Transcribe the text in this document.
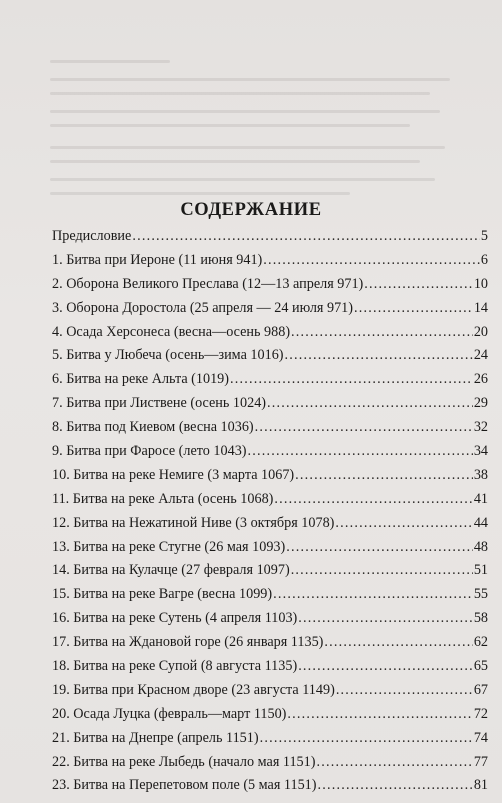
СОДЕРЖАНИЕ
Предисловие .....	5
1. Битва при Иероне (11 июня 941) .....	6
2. Оборона Великого Преслава (12—13 апреля 971) .....	10
3. Оборона Доростола (25 апреля — 24 июля 971) .....	14
4. Осада Херсонеса (весна—осень 988) .....	20
5. Битва у Любеча (осень—зима 1016) .....	24
6. Битва на реке Альта (1019) .....	26
7. Битва при Листвене (осень 1024) .....	29
8. Битва под Киевом (весна 1036) .....	32
9. Битва при Фаросе (лето 1043) .....	34
10. Битва на реке Немиге (3 марта 1067) .....	38
11. Битва на реке Альта (осень 1068) .....	41
12. Битва на Нежатиной Ниве (3 октября 1078) .....	44
13. Битва на реке Стугне (26 мая 1093) .....	48
14. Битва на Кулачце (27 февраля 1097) .....	51
15. Битва на реке Вагре (весна 1099) .....	55
16. Битва на реке Сутень (4 апреля 1103) .....	58
17. Битва на Ждановой горе (26 января 1135) .....	62
18. Битва на реке Супой (8 августа 1135) .....	65
19. Битва при Красном дворе (23 августа 1149) .....	67
20. Осада Луцка (февраль—март 1150) .....	72
21. Битва на Днепре (апрель 1151) .....	74
22. Битва на реке Лыбедь (начало мая 1151) .....	77
23. Битва на Перепетовом поле (5 мая 1151) .....	81
